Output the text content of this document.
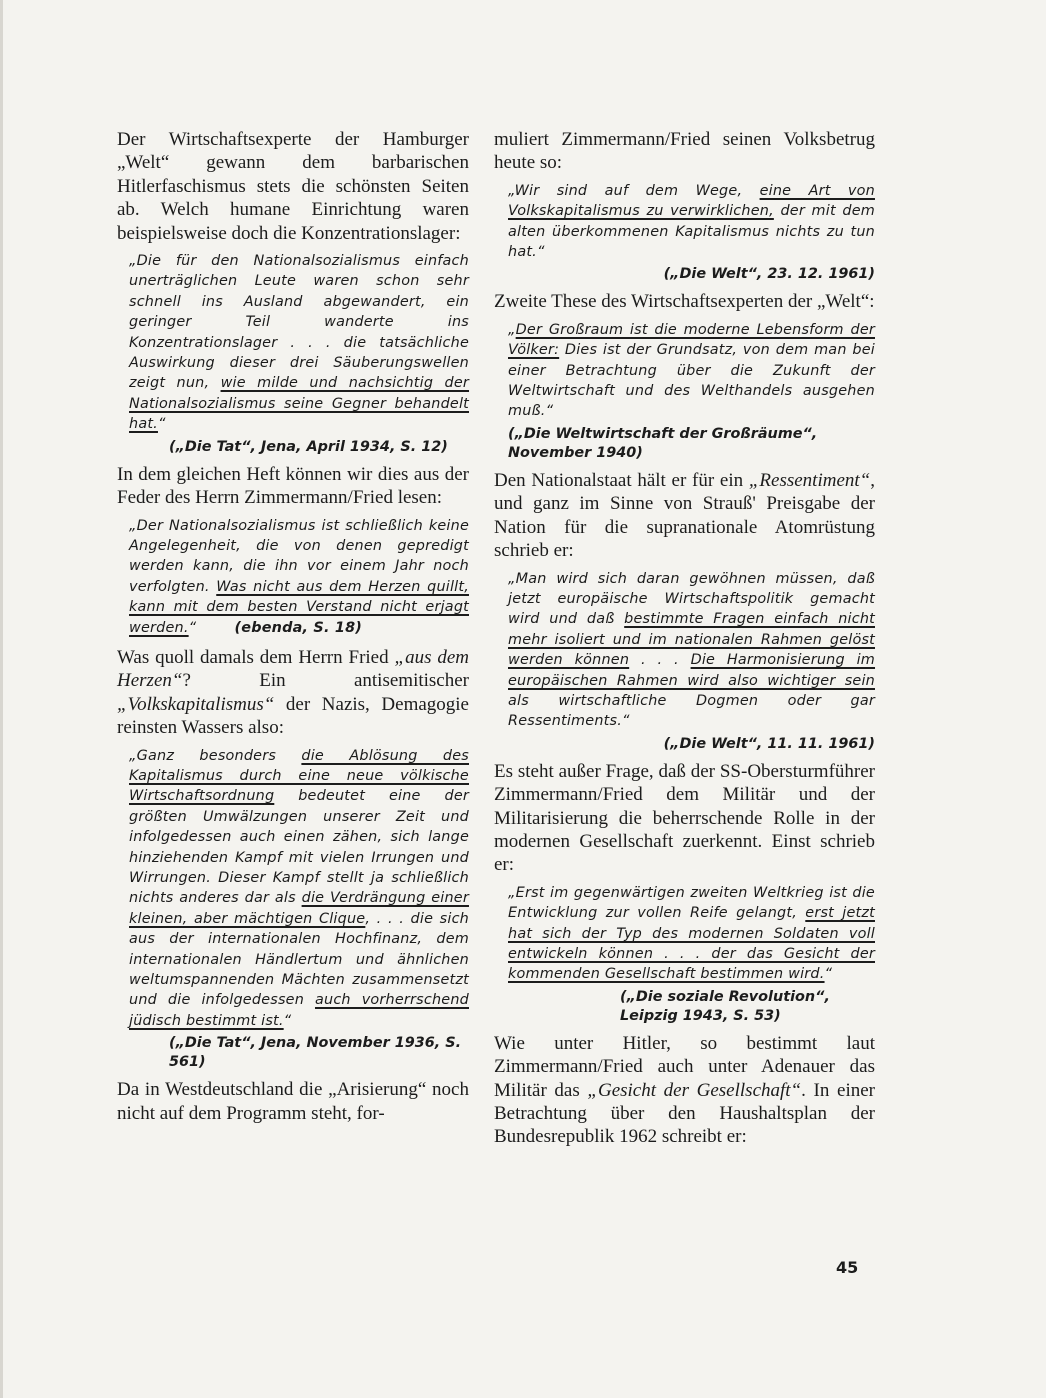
Der Wirtschaftsexperte der Hamburger „Welt“ gewann dem barbarischen Hitlerfaschismus stets die schönsten Seiten ab. Welch humane Einrichtung waren beispielsweise doch die Konzentrationslager:

„Die für den Nationalsozialismus einfach unerträglichen Leute waren schon sehr schnell ins Ausland abgewandert, ein geringer Teil wanderte ins Konzentrationslager . . . die tatsächliche Auswirkung dieser drei Säuberungswellen zeigt nun, wie milde und nachsichtig der Nationalsozialismus seine Gegner behandelt hat.“
(„Die Tat“, Jena, April 1934, S. 12)

In dem gleichen Heft können wir dies aus der Feder des Herrn Zimmermann/Fried lesen:

„Der Nationalsozialismus ist schließlich keine Angelegenheit, die von denen gepredigt werden kann, die ihn vor einem Jahr noch verfolgten. Was nicht aus dem Herzen quillt, kann mit dem besten Verstand nicht erjagt werden.“	(ebenda, S. 18)

Was quoll damals dem Herrn Fried „aus dem Herzen“? Ein antisemitischer „Volkskapitalismus“ der Nazis, Demagogie reinsten Wassers also:

„Ganz besonders die Ablösung des Kapitalismus durch eine neue völkische Wirtschaftsordnung bedeutet eine der größten Umwälzungen unserer Zeit und infolgedessen auch einen zähen, sich lange hinziehenden Kampf mit vielen Irrungen und Wirrungen. Dieser Kampf stellt ja schließlich nichts anderes dar als die Verdrängung einer kleinen, aber mächtigen Clique, . . . die sich aus der internationalen Hochfinanz, dem internationalen Händlertum und ähnlichen weltumspannenden Mächten zusammensetzt und die infolgedessen auch vorherrschend jüdisch bestimmt ist.“
(„Die Tat“, Jena, November 1936, S. 561)

Da in Westdeutschland die „Arisierung“ noch nicht auf dem Programm steht, for-

muliert Zimmermann/Fried seinen Volksbetrug heute so:

„Wir sind auf dem Wege, eine Art von Volkskapitalismus zu verwirklichen, der mit dem alten überkommenen Kapitalismus nichts zu tun hat.“
(„Die Welt“, 23. 12. 1961)

Zweite These des Wirtschaftsexperten der „Welt“:

„Der Großraum ist die moderne Lebensform der Völker: Dies ist der Grundsatz, von dem man bei einer Betrachtung über die Zukunft der Weltwirtschaft und des Welthandels ausgehen muß.“
(„Die Weltwirtschaft der Großräume“, November 1940)

Den Nationalstaat hält er für ein „Ressentiment“, und ganz im Sinne von Strauß' Preisgabe der Nation für die supranationale Atomrüstung schrieb er:

„Man wird sich daran gewöhnen müssen, daß jetzt europäische Wirtschaftspolitik gemacht wird und daß bestimmte Fragen einfach nicht mehr isoliert und im nationalen Rahmen gelöst werden können . . . Die Harmonisierung im europäischen Rahmen wird also wichtiger sein als wirtschaftliche Dogmen oder gar Ressentiments.“
(„Die Welt“, 11. 11. 1961)

Es steht außer Frage, daß der SS-Obersturmführer Zimmermann/Fried dem Militär und der Militarisierung die beherrschende Rolle in der modernen Gesellschaft zuerkennt. Einst schrieb er:

„Erst im gegenwärtigen zweiten Weltkrieg ist die Entwicklung zur vollen Reife gelangt, erst jetzt hat sich der Typ des modernen Soldaten voll entwickeln können . . . der das Gesicht der kommenden Gesellschaft bestimmen wird.“
(„Die soziale Revolution“,
Leipzig 1943, S. 53)

Wie unter Hitler, so bestimmt laut Zimmermann/Fried auch unter Adenauer das Militär das „Gesicht der Gesellschaft“. In einer Betrachtung über den Haushaltsplan der Bundesrepublik 1962 schreibt er:

45
